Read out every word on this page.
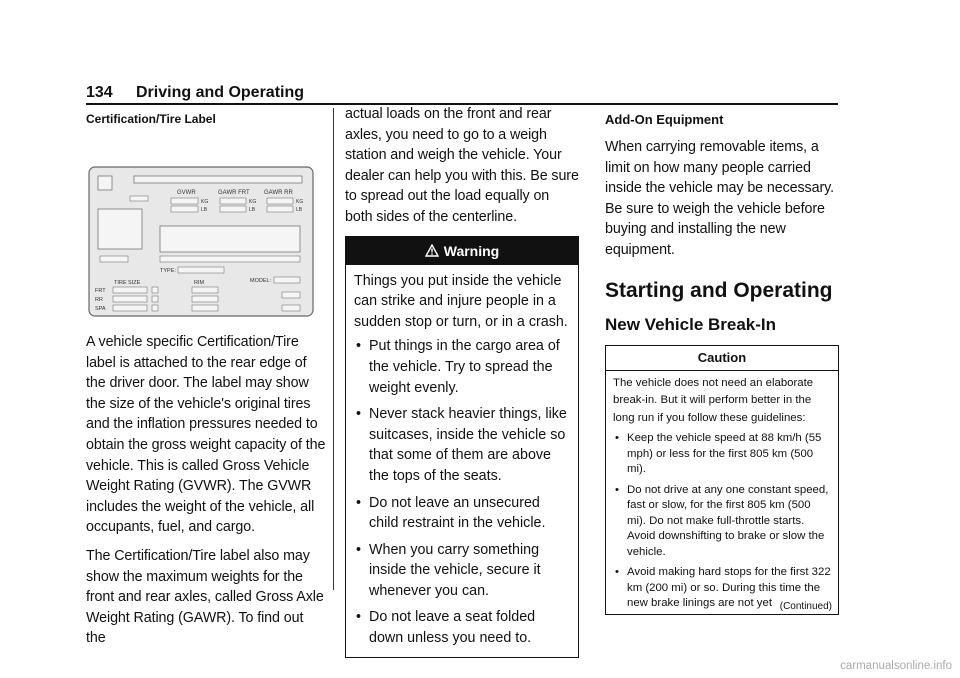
134 Driving and Operating
Certification/Tire Label
GVWR	GAWR FRT GAWR RR
KG
LB
KG
LB
KG
LB
TYPE:
TIRE SIZE	RIM	MODEL:
FRT
RR
SPA

A vehicle specific Certification/Tire label is attached to the rear edge of the driver door. The label may show the size of the vehicle's original tires and the inflation pressures needed to obtain the gross weight capacity of the vehicle. This is called Gross Vehicle Weight Rating (GVWR). The GVWR includes the weight of the vehicle, all occupants, fuel, and cargo.

The Certification/Tire label also may show the maximum weights for the front and rear axles, called Gross Axle Weight Rating (GAWR). To find out the

actual loads on the front and rear axles, you need to go to a weigh station and weigh the vehicle. Your dealer can help you with this. Be sure to spread out the load equally on both sides of the centerline.

Warning

Things you put inside the vehicle can strike and injure people in a sudden stop or turn, or in a crash.

• Put things in the cargo area of the vehicle. Try to spread the weight evenly.
• Never stack heavier things, like suitcases, inside the vehicle so that some of them are above the tops of the seats.
• Do not leave an unsecured child restraint in the vehicle.
• When you carry something inside the vehicle, secure it whenever you can.
• Do not leave a seat folded down unless you need to.
Add-On Equipment

When carrying removable items, a limit on how many people carried inside the vehicle may be necessary. Be sure to weigh the vehicle before buying and installing the new equipment.

Starting and Operating
New Vehicle Break-In
Caution

The vehicle does not need an elaborate break-in. But it will perform better in the long run if you follow these guidelines:

• Keep the vehicle speed at 88 km/h (55 mph) or less for the first 805 km (500 mi).
• Do not drive at any one constant speed, fast or slow, for the first 805 km (500 mi). Do not make full-throttle starts. Avoid downshifting to brake or slow the vehicle.
• Avoid making hard stops for the first 322 km (200 mi) or so. During this time the new brake linings are not yet (Continued)
carmanualsonline.info
